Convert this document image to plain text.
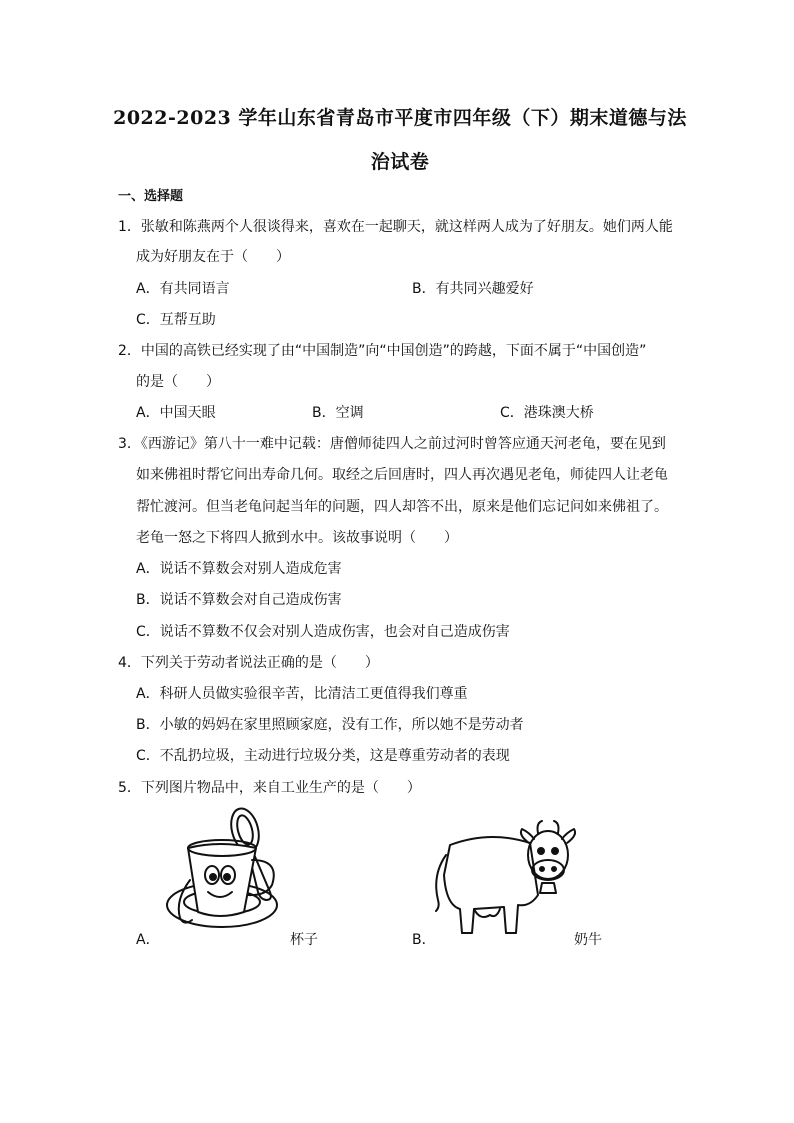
2022-2023 学年山东省青岛市平度市四年级（下）期末道德与法
治试卷
一、选择题
1．张敏和陈燕两个人很谈得来，喜欢在一起聊天，就这样两人成为了好朋友。她们两人能
成为好朋友在于（　　）
A．有共同语言	B．有共同兴趣爱好
C．互帮互助
2．中国的高铁已经实现了由“中国制造”向“中国创造”的跨越，下面不属于“中国创造”
的是（　　）
A．中国天眼	B．空调	C．港珠澳大桥
3．《西游记》第八十一难中记载：唐僧师徒四人之前过河时曾答应通天河老龟，要在见到
如来佛祖时帮它问出寿命几何。取经之后回唐时，四人再次遇见老龟，师徒四人让老龟
帮忙渡河。但当老龟问起当年的问题，四人却答不出，原来是他们忘记问如来佛祖了。
老龟一怒之下将四人掀到水中。该故事说明（　　）
A．说话不算数会对别人造成危害
B．说话不算数会对自己造成伤害
C．说话不算数不仅会对别人造成伤害，也会对自己造成伤害
4．下列关于劳动者说法正确的是（　　）
A．科研人员做实验很辛苦，比清洁工更值得我们尊重
B．小敏的妈妈在家里照顾家庭，没有工作，所以她不是劳动者
C．不乱扔垃圾，主动进行垃圾分类，这是尊重劳动者的表现
5．下列图片物品中，来自工业生产的是（　　）
A．	杯子	B．	奶牛
